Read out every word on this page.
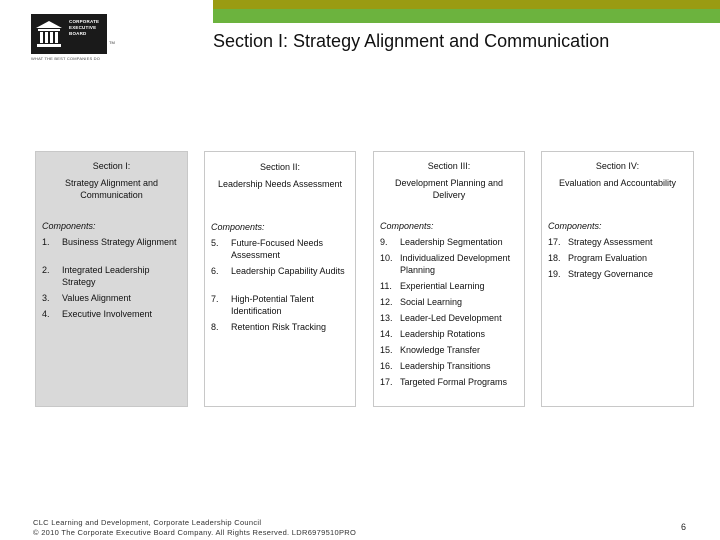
CORPORATE
EXECUTIVE
BOARD
TM
WHAT THE BEST COMPANIES DO
Section I: Strategy Alignment and Communication
Section I:
Strategy Alignment and Communication
Components:
1.	Business Strategy Alignment
2.	Integrated Leadership Strategy
3.	Values Alignment
4.	Executive Involvement
Section II:
Leadership Needs Assessment
Components:
5.	Future-Focused Needs Assessment
6.	Leadership Capability Audits
7.	High-Potential Talent Identification
8.	Retention Risk Tracking
Section III:
Development Planning and Delivery
Components:
9.	Leadership Segmentation
10. Individualized Development Planning
11. Experiential Learning
12. Social Learning
13. Leader-Led Development
14. Leadership Rotations
15. Knowledge Transfer
16. Leadership Transitions
17. Targeted Formal Programs
Section IV:
Evaluation and Accountability
Components:
17. Strategy Assessment
18. Program Evaluation
19. Strategy Governance
CLC Learning and Development, Corporate Leadership Council
© 2010 The Corporate Executive Board Company. All Rights Reserved. LDR6979510PRO
6
